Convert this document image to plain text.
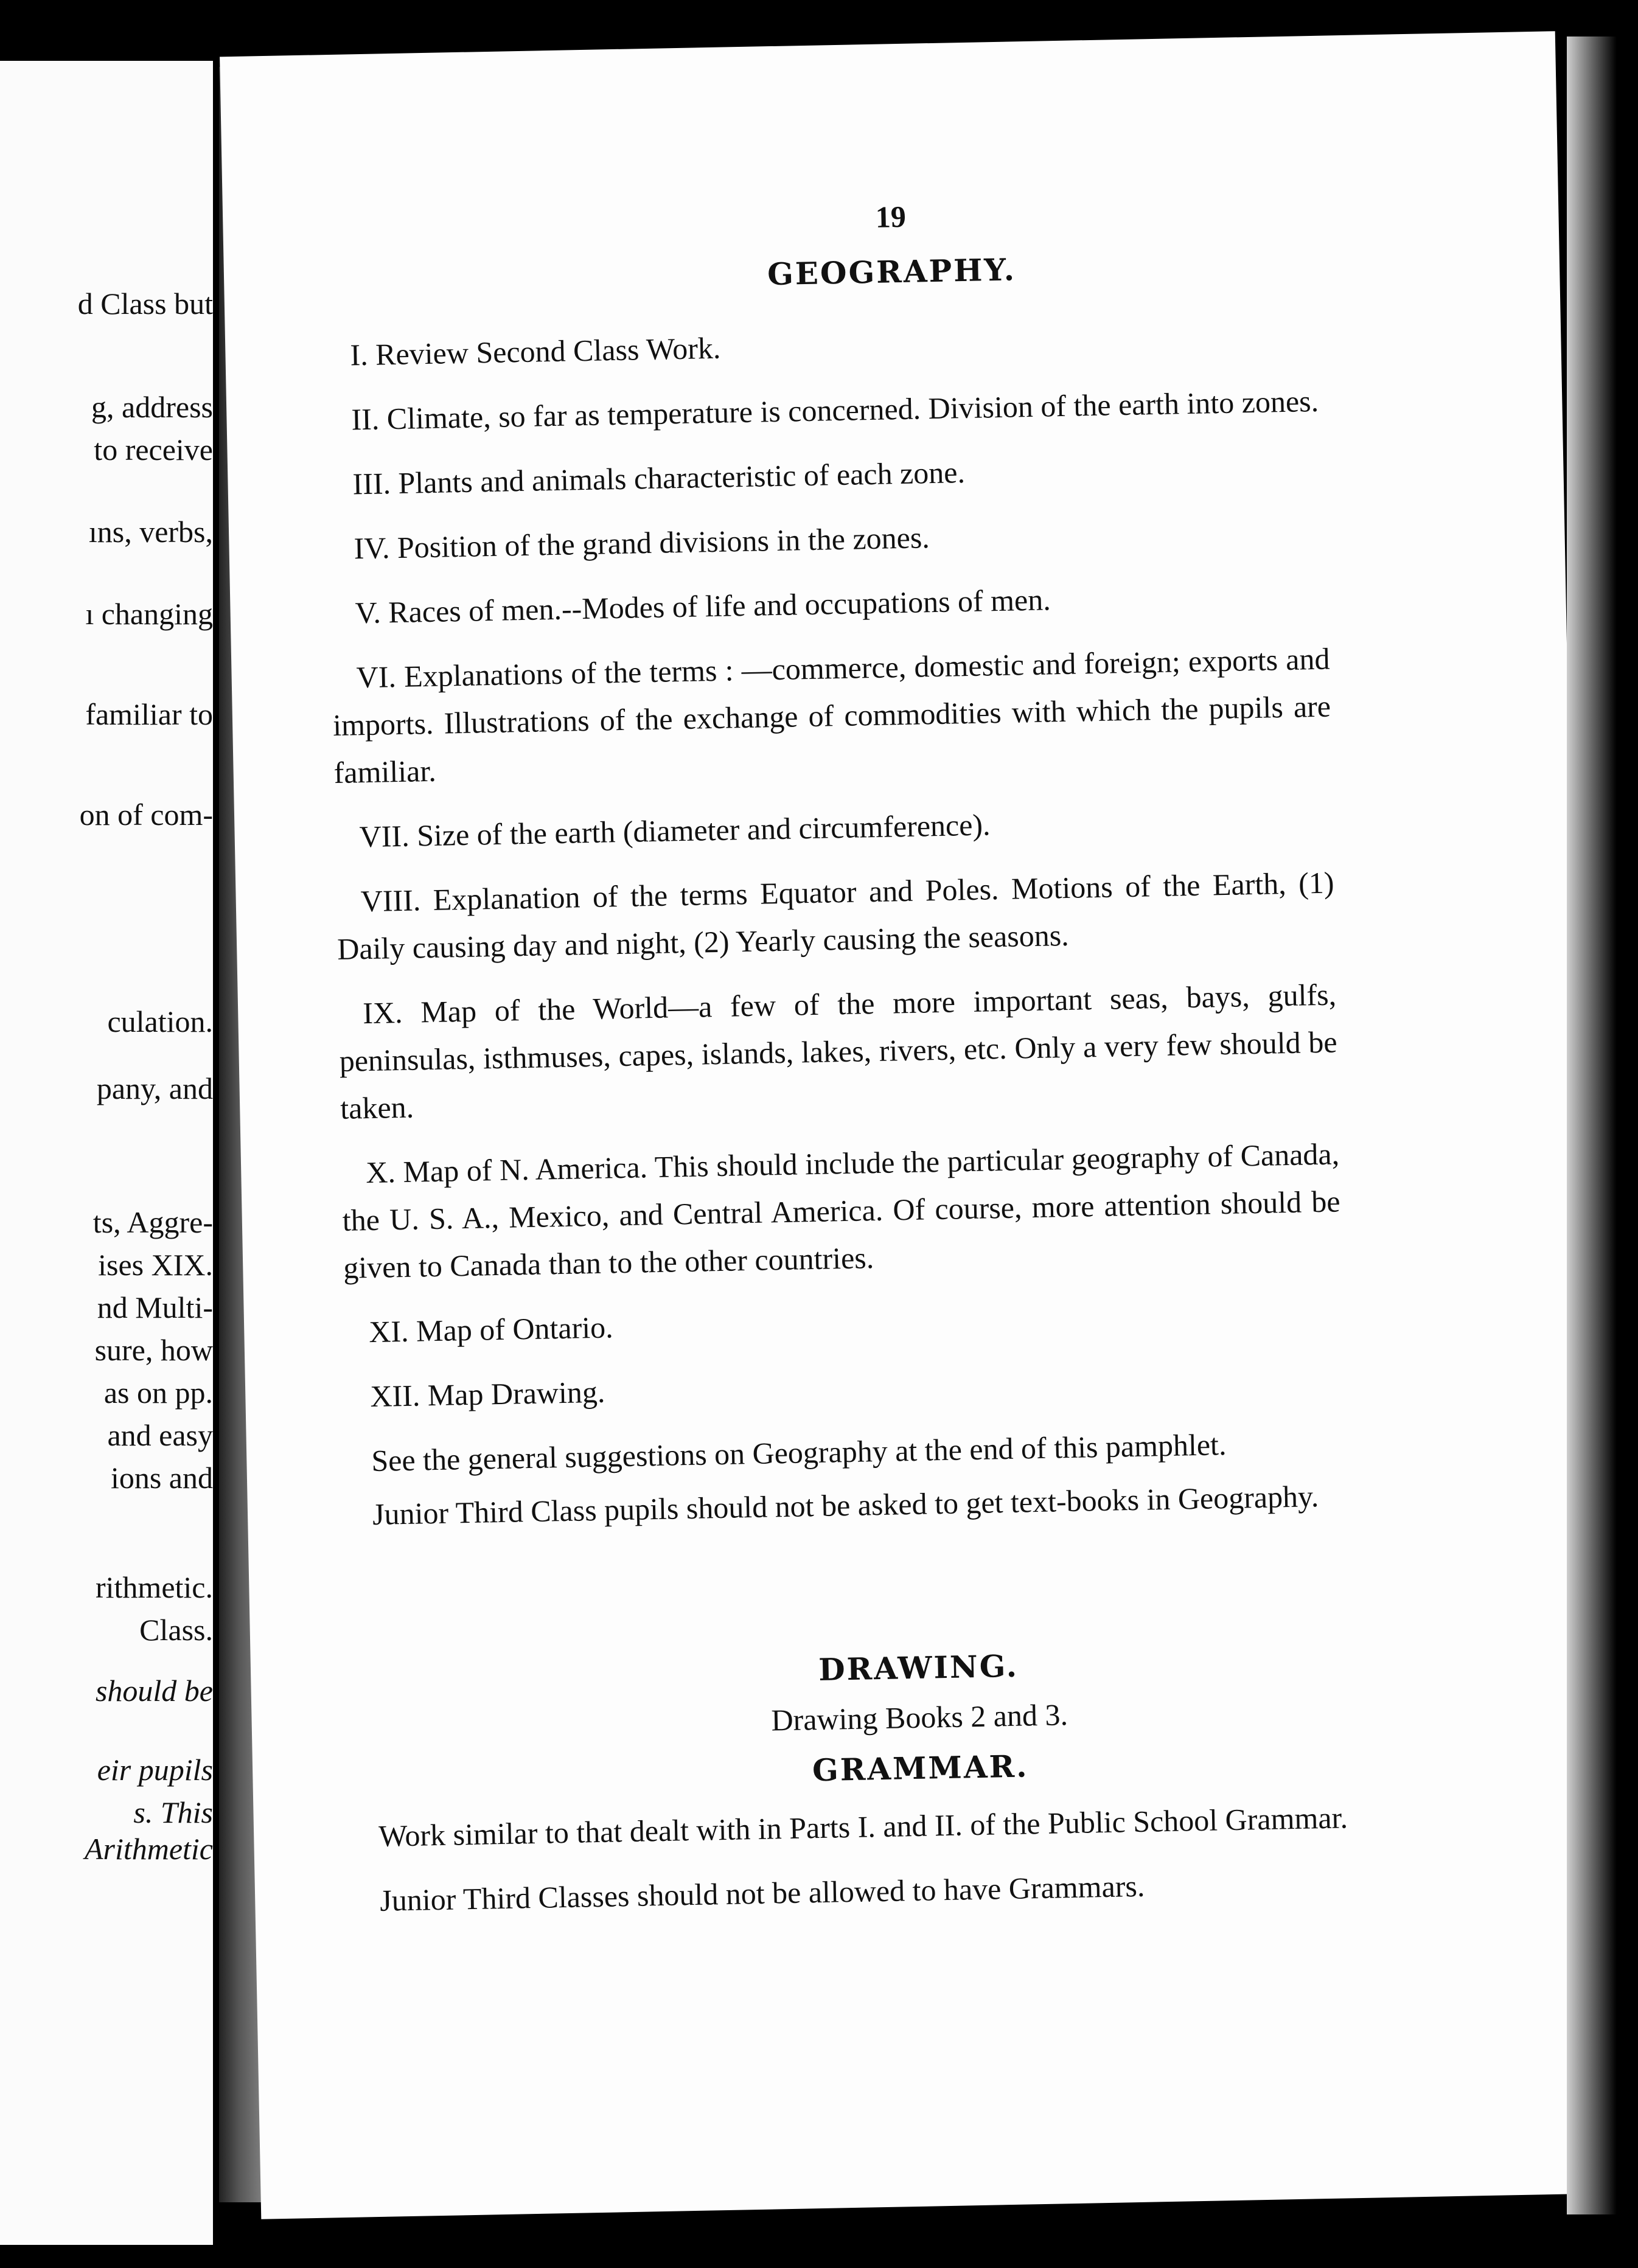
d Class but
g, address
to receive
ıns, verbs,
ı changing
familiar to
on of com-
culation.
pany, and
ts, Aggre-
ises XIX.
nd Multi-
sure, how
as on pp.
and easy
ions and
rithmetic.
Class.
should be
eir pupils
s. This
Arithmetic
19
GEOGRAPHY.

I. Review Second Class Work.

II. Climate, so far as temperature is concerned. Division of the earth into zones.

III. Plants and animals characteristic of each zone.

IV. Position of the grand divisions in the zones.

V. Races of men.--Modes of life and occupations of men.

VI. Explanations of the terms : —commerce, domestic and foreign; exports and imports. Illustrations of the exchange of commodities with which the pupils are familiar.

VII. Size of the earth (diameter and circumference).

VIII. Explanation of the terms Equator and Poles. Motions of the Earth, (1) Daily causing day and night, (2) Yearly causing the seasons.

IX. Map of the World—a few of the more important seas, bays, gulfs, peninsulas, isthmuses, capes, islands, lakes, rivers, etc. Only a very few should be taken.

X. Map of N. America. This should include the particular geography of Canada, the U. S. A., Mexico, and Central America. Of course, more attention should be given to Canada than to the other countries.

XI. Map of Ontario.

XII. Map Drawing.

See the general suggestions on Geography at the end of this pamphlet.

Junior Third Class pupils should not be asked to get text-books in Geography.

DRAWING.
Drawing Books 2 and 3.
GRAMMAR.

Work similar to that dealt with in Parts I. and II. of the Public School Grammar.

Junior Third Classes should not be allowed to have Grammars.
